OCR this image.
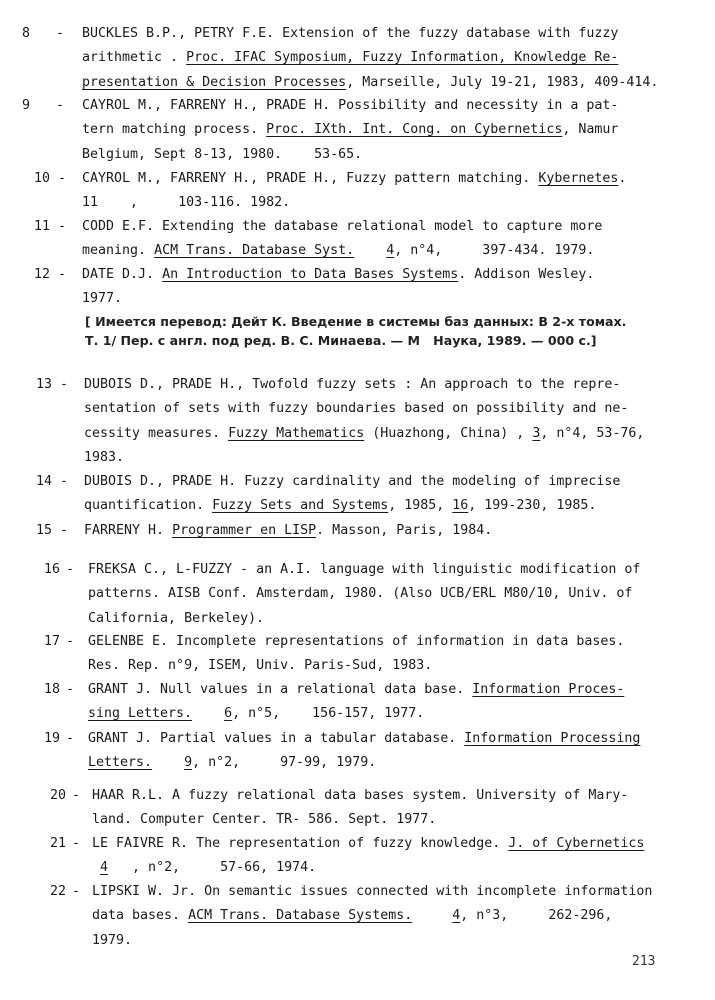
8 - BUCKLES B.P., PETRY F.E. Extension of the fuzzy database with fuzzy
arithmetic . Proc. IFAC Symposium, Fuzzy Information, Knowledge Re-
presentation & Decision Processes, Marseille, July 19-21, 1983, 409-414.
9 - CAYROL M., FARRENY H., PRADE H. Possibility and necessity in a pat-
tern matching process. Proc. IXth. Int. Cong. on Cybernetics, Namur
Belgium, Sept 8-13, 1980.    53-65.
10 - CAYROL M., FARRENY H., PRADE H., Fuzzy pattern matching. Kybernetes.
11    ,     103-116. 1982.
11 - CODD E.F. Extending the database relational model to capture more
meaning. ACM Trans. Database Syst. 4, n°4,     397-434. 1979.
12 - DATE D.J. An Introduction to Data Bases Systems. Addison Wesley.
1977.
13 - DUBOIS D., PRADE H., Twofold fuzzy sets : An approach to the repre-
sentation of sets with fuzzy boundaries based on possibility and ne-
cessity measures. Fuzzy Mathematics (Huazhong, China) , 3, n°4, 53-76,
1983.
14 - DUBOIS D., PRADE H. Fuzzy cardinality and the modeling of imprecise
quantification. Fuzzy Sets and Systems, 1985, 16, 199-230, 1985.
15 - FARRENY H. Programmer en LISP. Masson, Paris, 1984.
16 - FREKSA C., L-FUZZY - an A.I. language with linguistic modification of
patterns. AISB Conf. Amsterdam, 1980. (Also UCB/ERL M80/10, Univ. of
California, Berkeley).
17 - GELENBE E. Incomplete representations of information in data bases.
Res. Rep. n°9, ISEM, Univ. Paris-Sud, 1983.
18 - GRANT J. Null values in a relational data base. Information Proces-
sing Letters. 6, n°5,    156-157, 1977.
19 - GRANT J. Partial values in a tabular database. Information Processing
Letters. 9, n°2,     97-99, 1979.
20 - HAAR R.L. A fuzzy relational data bases system. University of Mary-
land. Computer Center. TR- 586. Sept. 1977.
21 - LE FAIVRE R. The representation of fuzzy knowledge. J. of Cybernetics
4   , n°2,     57-66, 1974.
22 - LIPSKI W. Jr. On semantic issues connected with incomplete information
data bases. ACM Trans. Database Systems.	4, n°3,     262-296,
1979.
[ Имеется перевод: Дейт К. Введение в системы баз данных: В 2-х томах.
Т. 1/ Пер. с англ. под ред. В. С. Минаева. — М   Наука, 1989. — 000 с.]
213
